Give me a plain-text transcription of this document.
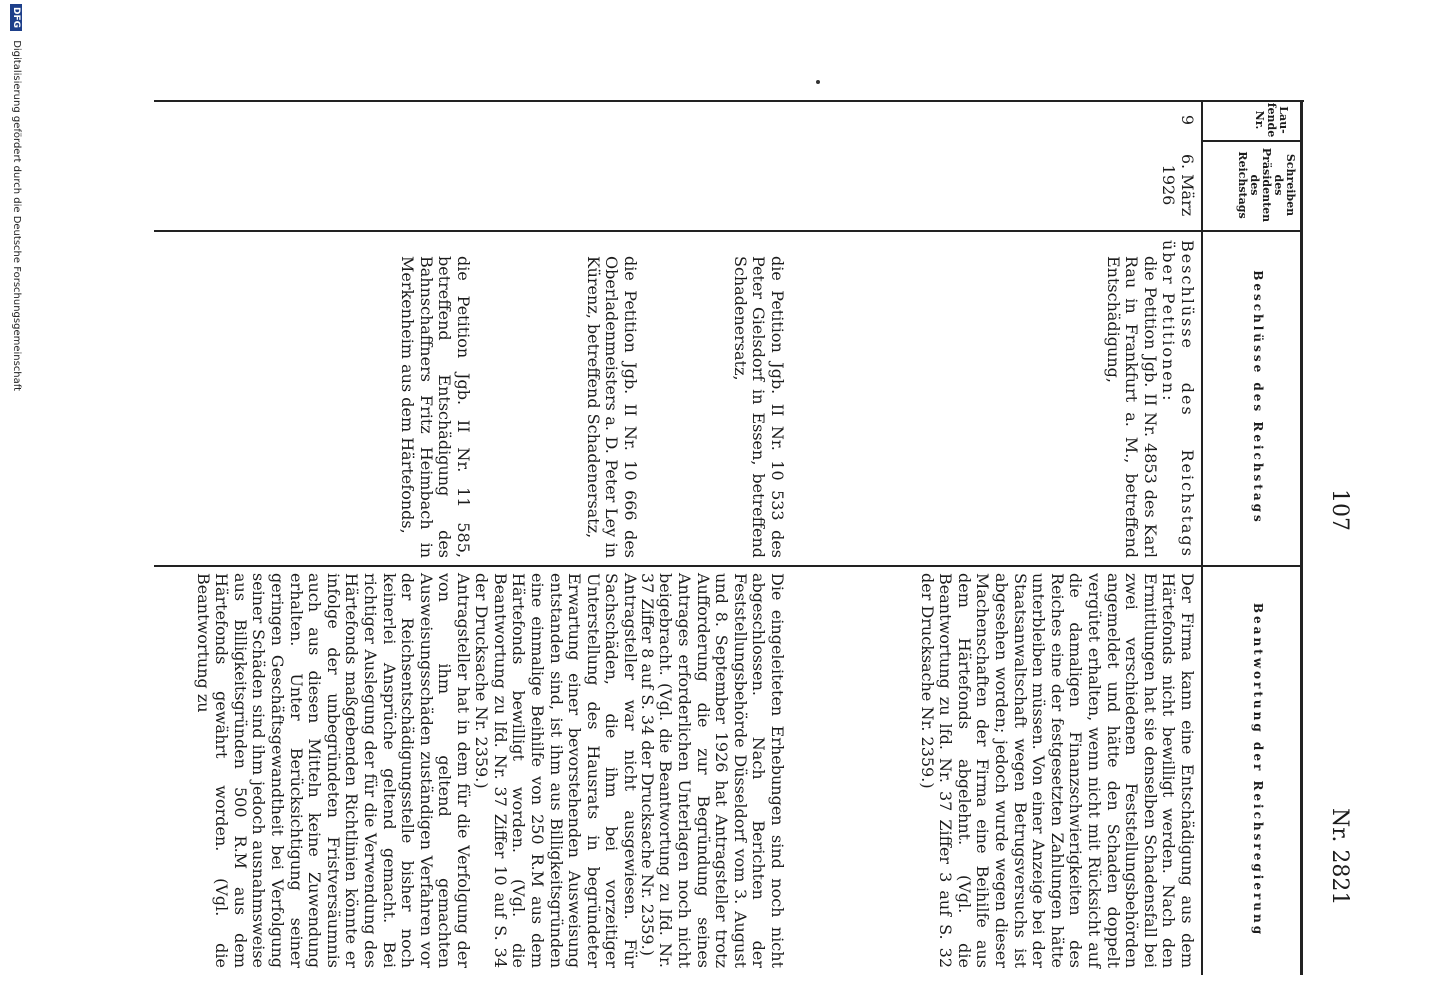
107
Nr. 2821
Lau-
fende
Nr.
Schreiben
des
Präsidenten
des
Reichstags
Beschlüsse des Reichstags
Beantwortung der Reichsregierung
9

6. März

1926

Beschlüsse des Reichstags über Petitionen:

die Petition Jgb. II Nr. 4853 des Karl Rau in Frankfurt a. M., betreffend Entschädigung,

die Petition Jgb. II Nr. 10 533 des Peter Gielsdorf in Essen, betreffend Schadenersatz,

die Petition Jgb. II Nr. 10 666 des Oberladenmeisters a. D. Peter Ley in Kürenz, betreffend Schadenersatz,

die Petition Jgb. II Nr. 11 585, betreffend Entschädigung des Bahnschaffners Fritz Heimbach in Merkenheim aus dem Härtefonds,

Der Firma kann eine Entschädigung aus dem Härtefonds nicht bewilligt werden. Nach den Ermittlungen hat sie denselben Schadensfall bei zwei verschiedenen Feststellungsbehörden angemeldet und hätte den Schaden doppelt vergütet erhalten, wenn nicht mit Rücksicht auf die damaligen Finanzschwierigkeiten des Reiches eine der festgesetzten Zahlungen hätte unterbleiben müssen. Von einer Anzeige bei der Staatsanwaltschaft wegen Betrugsversuchs ist abgesehen worden; jedoch wurde wegen dieser Machenschaften der Firma eine Beihilfe aus dem Härtefonds abgelehnt. (Vgl. die Beantwortung zu lfd. Nr. 37 Ziffer 3 auf S. 32 der Drucksache Nr. 2359.)

Die eingeleiteten Erhebungen sind noch nicht abgeschlossen. Nach Berichten der Feststellungsbehörde Düsseldorf vom 3. August und 8. September 1926 hat Antragsteller trotz Aufforderung die zur Begründung seines Antrages erforderlichen Unterlagen noch nicht beigebracht. (Vgl. die Beantwortung zu lfd. Nr. 37 Ziffer 8 auf S. 34 der Drucksache Nr. 2359.)

Antragsteller war nicht ausgewiesen. Für Sachschäden, die ihm bei vorzeitiger Unterstellung des Hausrats in begründeter Erwartung einer bevorstehenden Ausweisung entstanden sind, ist ihm aus Billigkeitsgründen eine einmalige Beihilfe von 250 R.M aus dem Härtefonds bewilligt worden. (Vgl. die Beantwortung zu lfd. Nr. 37 Ziffer 10 auf S. 34 der Drucksache Nr. 2359.)

Antragsteller hat in dem für die Verfolgung der von ihm geltend gemachten Ausweisungsschäden zuständigen Verfahren vor der Reichsentschädigungsstelle bisher noch keinerlei Ansprüche geltend gemacht. Bei richtiger Auslegung der für die Verwendung des Härtefonds maßgebenden Richtlinien könnte er infolge der unbegründeten Fristversäumnis auch aus diesen Mitteln keine Zuwendung erhalten. Unter Berücksichtigung seiner geringen Geschäftsgewandtheit bei Verfolgung seiner Schäden sind ihm jedoch ausnahmsweise aus Billigkeitsgründen 500 R.M aus dem Härtefonds gewährt worden. (Vgl. die Beantwortung zu

DFG Digitalisierung gefördert durch die Deutsche Forschungsgemeinschaft
